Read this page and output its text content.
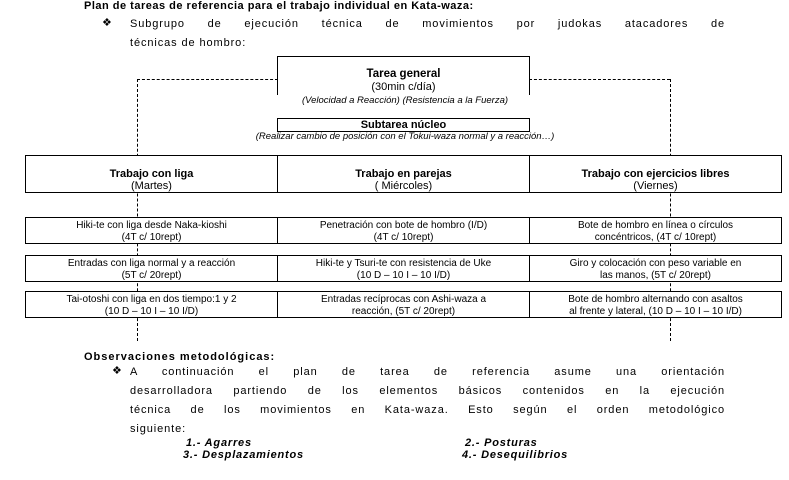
Plan de tareas de referencia para el trabajo individual en Kata-waza:
❖ Subgrupo de ejecución técnica de movimientos por judokas atacadores de
técnicas de hombro:
Tarea general
(30min c/día)
(Velocidad a Reacción) (Resistencia a la Fuerza)
Subtarea núcleo
(Realizar cambio de posición con el Tokui-waza normal y a reacción…)
Trabajo con liga
(Martes)
Trabajo en parejas
( Miércoles)
Trabajo con ejercicios libres
(Viernes)
Hiki-te con liga desde Naka-kioshi
(4T c/ 10rept)
Penetración con bote de hombro (I/D)
(4T c/ 10rept)
Bote de hombro en línea o círculos
concéntricos, (4T c/ 10rept)
Entradas con liga normal y a reacción
(5T c/ 20rept)
Hiki-te y Tsuri-te con resistencia de Uke
(10 D – 10 I – 10 I/D)
Giro y colocación con peso variable en
las manos, (5T c/ 20rept)
Tai-otoshi con liga en dos tiempo:1 y 2
(10 D – 10 I – 10 I/D)
Entradas recíprocas con Ashi-waza a
reacción, (5T c/ 20rept)
Bote de hombro alternando con asaltos
al frente y lateral, (10 D – 10 I – 10 I/D)
Observaciones metodológicas:
❖ A continuación el plan de tarea de referencia asume una orientación
desarrolladora partiendo de los elementos básicos contenidos en la ejecución
técnica de los movimientos en Kata-waza. Esto según el orden metodológico
siguiente:
1.- Agarres	2.- Posturas
3.- Desplazamientos	4.- Desequilibrios
